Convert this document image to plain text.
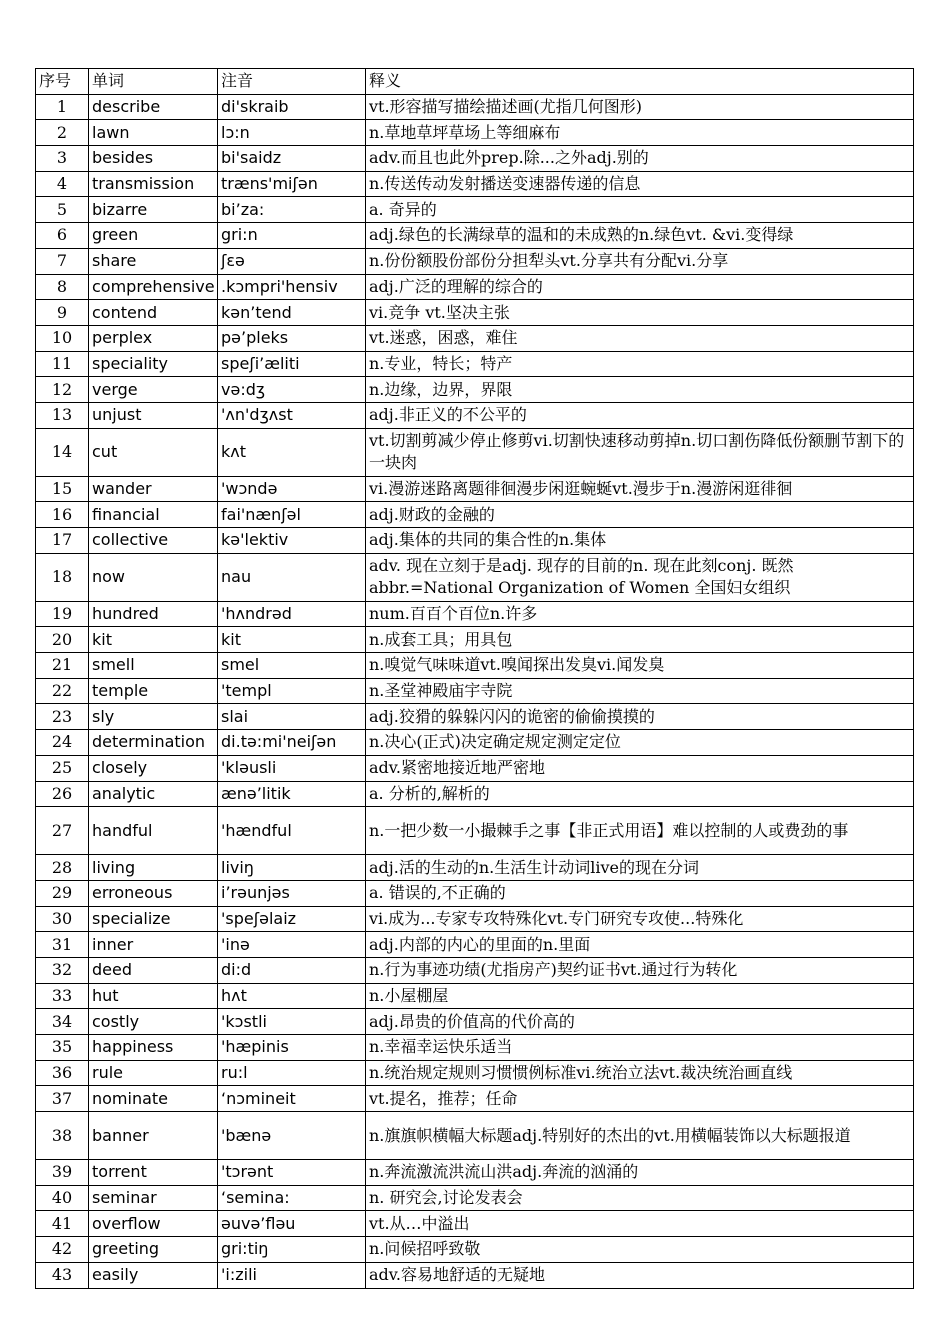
序号	单词	注音	释义
1	describe	di'skraib	vt.形容描写描绘描述画(尤指几何图形)
2	lawn	lɔ:n	n.草地草坪草场上等细麻布
3	besides	bi'saidz	adv.而且也此外prep.除...之外adj.别的
4	transmission	træns'miʃən	n.传送传动发射播送变速器传递的信息
5	bizarre	bi’za:	a. 奇异的
6	green	gri:n	adj.绿色的长满绿草的温和的未成熟的n.绿色vt. &vi.变得绿
7	share	ʃεə	n.份份额股份部份分担犁头vt.分享共有分配vi.分享
8	comprehensive	.kɔmpri'hensiv	adj.广泛的理解的综合的
9	contend	kən’tend	vi.竞争 vt.坚决主张
10	perplex	pə’pleks	vt.迷惑，困惑，难住
11	speciality	speʃi’æliti	n.专业，特长；特产
12	verge	və:dʒ	n.边缘，边界，界限
13	unjust	'ʌn'dʒʌst	adj.非正义的不公平的
14	cut	kʌt	vt.切割剪减少停止修剪vi.切割快速移动剪掉n.切口割伤降低份额删节割下的一块肉
15	wander	'wɔndə	vi.漫游迷路离题徘徊漫步闲逛蜿蜒vt.漫步于n.漫游闲逛徘徊
16	financial	fai'nænʃəl	adj.财政的金融的
17	collective	kə'lektiv	adj.集体的共同的集合性的n.集体
18	now	nau	adv. 现在立刻于是adj. 现存的目前的n. 现在此刻conj. 既然abbr.=National Organization of Women 全国妇女组织
19	hundred	'hʌndrəd	num.百百个百位n.许多
20	kit	kit	n.成套工具；用具包
21	smell	smel	n.嗅觉气味味道vt.嗅闻探出发臭vi.闻发臭
22	temple	'templ	n.圣堂神殿庙宇寺院
23	sly	slai	adj.狡猾的躲躲闪闪的诡密的偷偷摸摸的
24	determination	di.tə:mi'neiʃən	n.决心(正式)决定确定规定测定定位
25	closely	'kləusli	adv.紧密地接近地严密地
26	analytic	ænə’litik	a. 分析的,解析的
27	handful	'hændful	n.一把少数一小撮棘手之事【非正式用语】难以控制的人或费劲的事
28	living	liviŋ	adj.活的生动的n.生活生计动词live的现在分词
29	erroneous	i’rəunjəs	a. 错误的,不正确的
30	specialize	'speʃəlaiz	vi.成为...专家专攻特殊化vt.专门研究专攻使...特殊化
31	inner	'inə	adj.内部的内心的里面的n.里面
32	deed	di:d	n.行为事迹功绩(尤指房产)契约证书vt.通过行为转化
33	hut	hʌt	n.小屋棚屋
34	costly	'kɔstli	adj.昂贵的价值高的代价高的
35	happiness	'hæpinis	n.幸福幸运快乐适当
36	rule	ru:l	n.统治规定规则习惯惯例标准vi.统治立法vt.裁决统治画直线
37	nominate	‘nɔmineit	vt.提名，推荐；任命
38	banner	'bænə	n.旗旗帜横幅大标题adj.特别好的杰出的vt.用横幅装饰以大标题报道
39	torrent	'tɔrənt	n.奔流激流洪流山洪adj.奔流的汹涌的
40	seminar	‘semina:	n. 研究会,讨论发表会
41	overflow	əuvə’fləu	vt.从…中溢出
42	greeting	gri:tiŋ	n.问候招呼致敬
43	easily	'i:zili	adv.容易地舒适的无疑地
